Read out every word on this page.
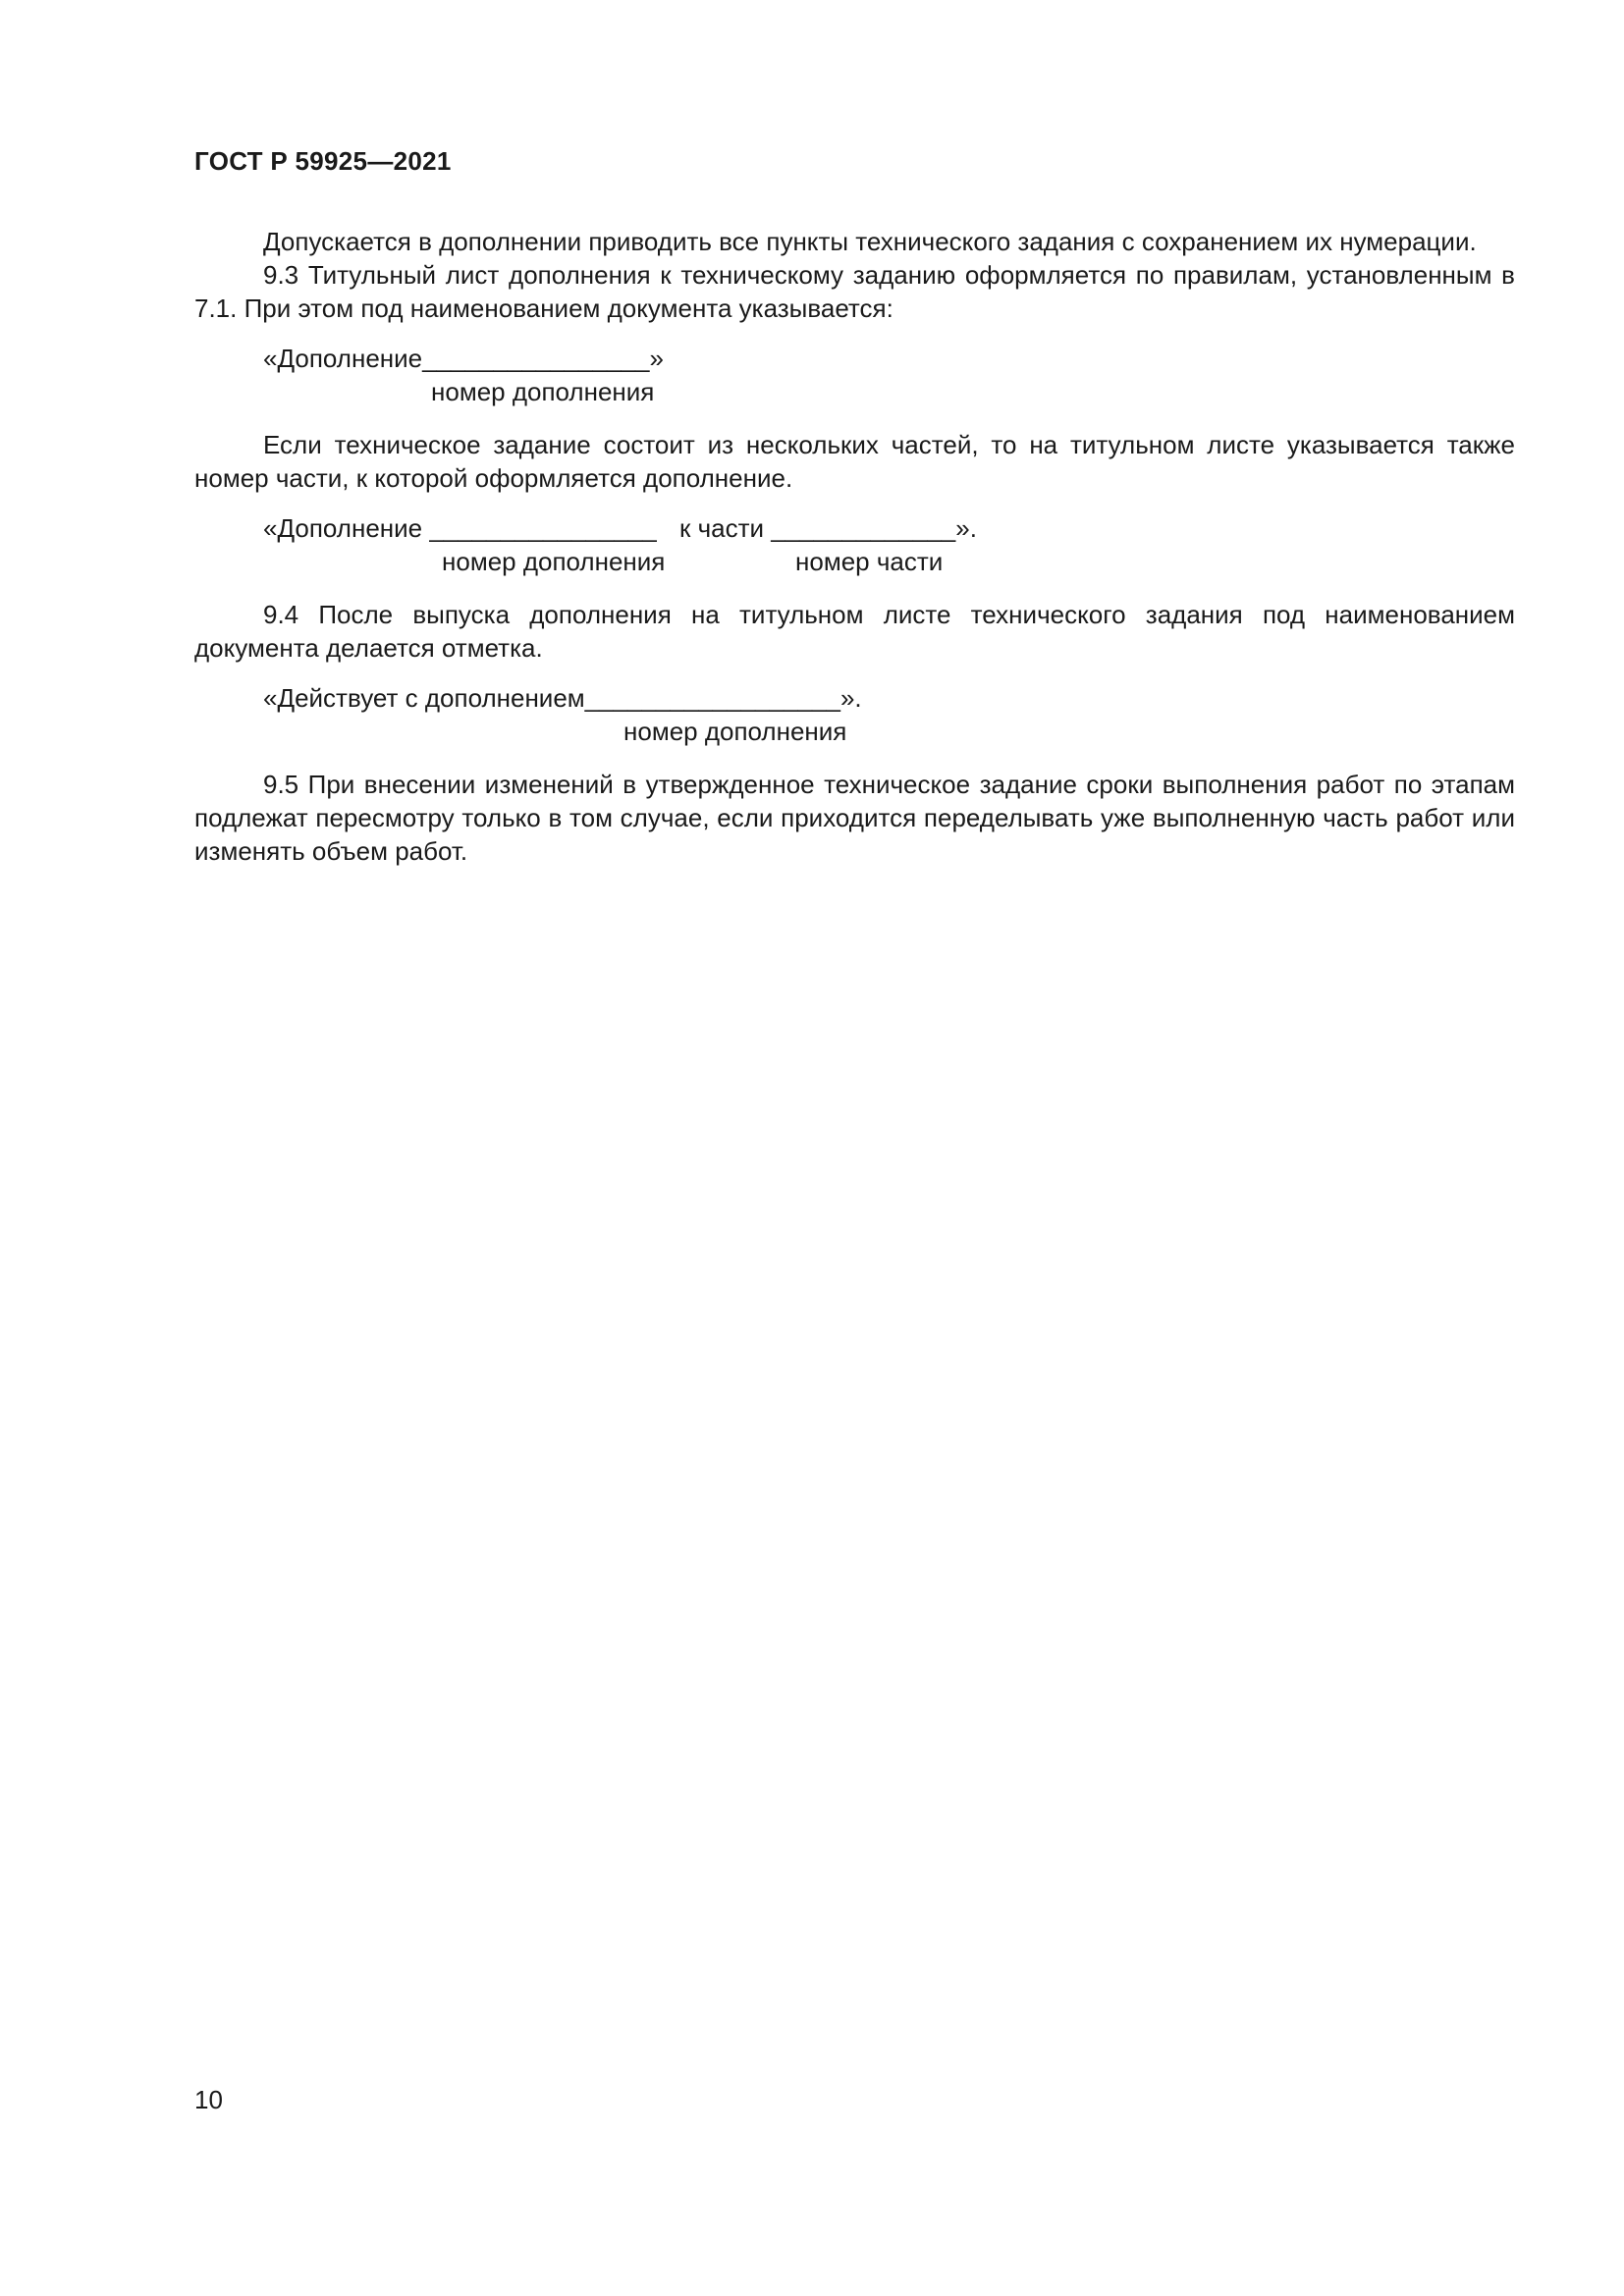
ГОСТ Р 59925—2021

Допускается в дополнении приводить все пункты технического задания с сохранением их нумерации.

9.3 Титульный лист дополнения к техническому заданию оформляется по правилам, установленным в 7.1. При этом под наименованием документа указывается:

«Дополнение________________»
номер дополнения

Если техническое задание состоит из нескольких частей, то на титульном листе указывается также номер части, к которой оформляется дополнение.

«Дополнение ________________ к части _____________».
номер дополнения	номер части

9.4 После выпуска дополнения на титульном листе технического задания под наименованием документа делается отметка.

«Действует с дополнением__________________».
номер дополнения

9.5 При внесении изменений в утвержденное техническое задание сроки выполнения работ по этапам подлежат пересмотру только в том случае, если приходится переделывать уже выполненную часть работ или изменять объем работ.

10
